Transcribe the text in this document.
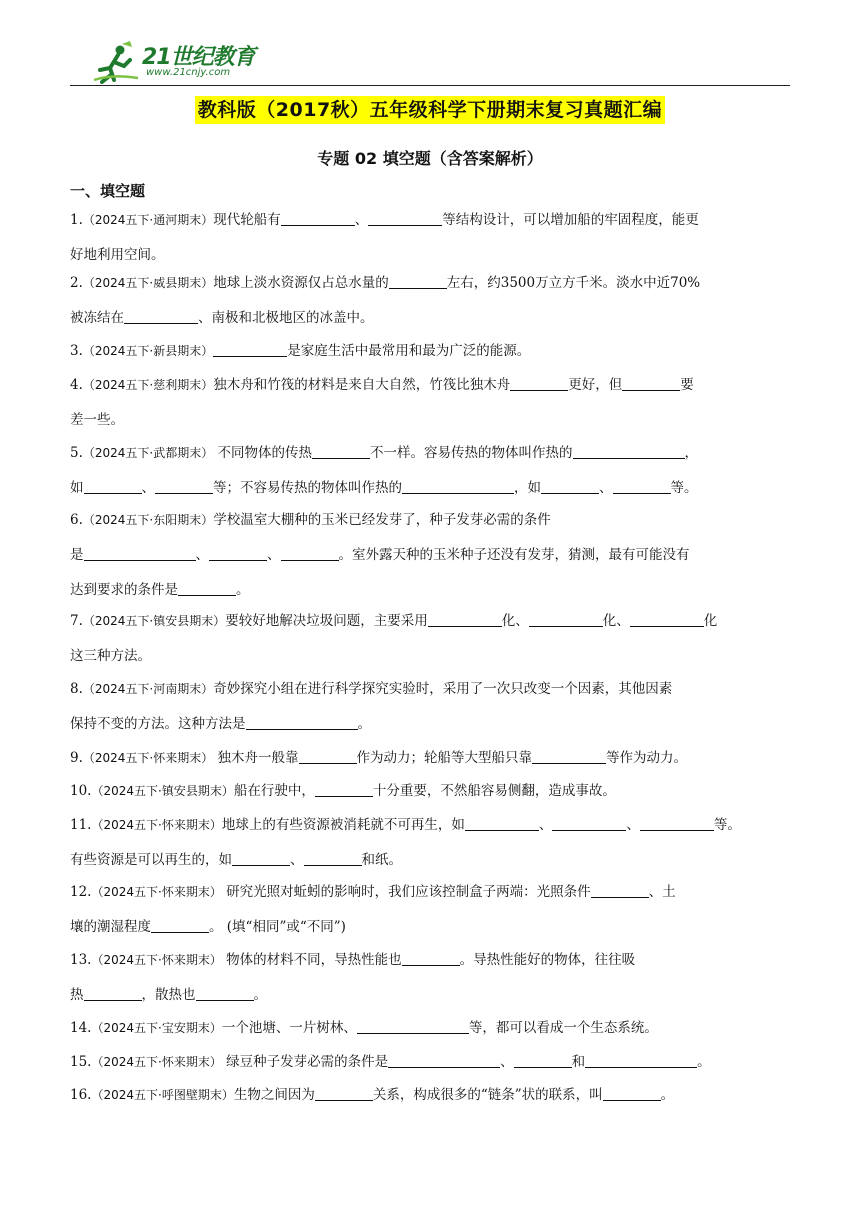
21世纪教育
www.21cnjy.com
教科版（2017秋）五年级科学下册期末复习真题汇编
专题 02 填空题（含答案解析）
一、填空题
1.（2024五下·通河期末）现代轮船有	、	等结构设计，可以增加船的牢固程度，能更
好地利用空间。
2.（2024五下·威县期末）地球上淡水资源仅占总水量的	左右，约3500万立方千米。淡水中近70%
被冻结在	、南极和北极地区的冰盖中。
3.（2024五下·新县期末）	是家庭生活中最常用和最为广泛的能源。
4.（2024五下·慈利期末）独木舟和竹筏的材料是来自大自然，竹筏比独木舟	更好，但	要
差一些。
5.（2024五下·武都期末） 不同物体的传热	不一样。容易传热的物体叫作热的	，
如	、	等；不容易传热的物体叫作热的	，如	、	等。
6.（2024五下·东阳期末）学校温室大棚种的玉米已经发芽了，种子发芽必需的条件
是	、	、	。室外露天种的玉米种子还没有发芽，猜测，最有可能没有
达到要求的条件是	。
7.（2024五下·镇安县期末）要较好地解决垃圾问题，主要采用	化、	化、	化
这三种方法。
8.（2024五下·河南期末）奇妙探究小组在进行科学探究实验时，采用了一次只改变一个因素，其他因素
保持不变的方法。这种方法是	。
9.（2024五下·怀来期末） 独木舟一般靠	作为动力；轮船等大型船只靠	等作为动力。
10.（2024五下·镇安县期末）船在行驶中，	十分重要，不然船容易侧翻，造成事故。
11.（2024五下·怀来期末）地球上的有些资源被消耗就不可再生，如	、	、	等。
有些资源是可以再生的，如	、	和纸。
12.（2024五下·怀来期末） 研究光照对蚯蚓的影响时，我们应该控制盒子两端：光照条件	、土
壤的潮湿程度	。 (填“相同”或“不同”)
13.（2024五下·怀来期末） 物体的材料不同，导热性能也	。导热性能好的物体，往往吸
热	，散热也	。
14.（2024五下·宝安期末）一个池塘、一片树林、	等，都可以看成一个生态系统。
15.（2024五下·怀来期末） 绿豆种子发芽必需的条件是	、	和	。
16.（2024五下·呼图壁期末）生物之间因为	关系，构成很多的“链条”状的联系，叫	。
